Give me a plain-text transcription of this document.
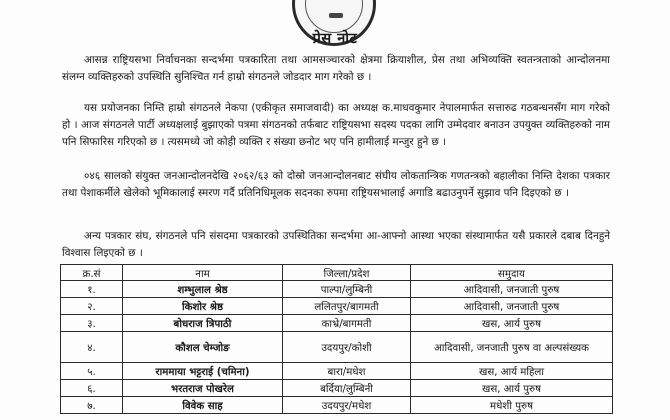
प्रेस नोट

आसन्न राष्ट्रियसभा निर्वाचनका सन्दर्भमा पत्रकारिता तथा आमसञ्चारको क्षेत्रमा क्रियाशील, प्रेस तथा अभिव्यक्ति स्वतन्त्रताको आन्दोलनमा संलग्न व्यक्तिहरुको उपस्थिति सुनिश्चित गर्न हाम्रो संगठनले जोडदार माग गरेको छ ।

यस प्रयोजनका निम्ति हाम्रो संगठनले नेकपा (एकीकृत समाजवादी) का अध्यक्ष क.माधवकुमार नेपालमार्फत सत्तारुढ गठबन्धनसँग माग गरेको हो । आज संगठनले पार्टी अध्यक्षलाई बुझाएको पत्रमा संगठनको तर्फबाट राष्ट्रियसभा सदस्य पदका लागि उम्मेदवार बनाउन उपयुक्त व्यक्तिहरुको नाम पनि सिफारिस गरिएको छ । त्यसमध्ये जो कोही व्यक्ति र संख्या छनोट भए पनि हामीलाई मन्जुर हुने छ ।

०४६ सालको संयुक्त जनआन्दोलनदेखि २०६२/६३ को दोस्रो जनआन्दोलनबाट संघीय लोकतान्त्रिक गणतन्त्रको बहालीका निम्ति देशका पत्रकार तथा पेशाकर्मीले खेलेको भूमिकालाई स्मरण गर्दै प्रतिनिधिमूलक सदनका रुपमा राष्ट्रियसभालाई अगाडि बढाउनुपर्ने सुझाव पनि दिइएको छ ।

अन्य पत्रकार संघ, संगठनले पनि संसदमा पत्रकारको उपस्थितिका सन्दर्भमा आ-आफ्नो आस्था भएका संस्थामार्फत यसै प्रकारले दबाब दिनहुने विश्वास लिइएको छ ।

क्र.सं	नाम	जिल्ला/प्रदेश	समुदाय
१.	शम्भुलाल श्रेष्ठ	पाल्पा/लुम्बिनी	आदिवासी, जनजाती पुरुष
२.	किशोर श्रेष्ठ	ललितपुर/बागमती	आदिवासी, जनजाती पुरुष
३.	बोधराज त्रिपाठी	काभ्रे/बागमती	खस, आर्य पुरुष
४.	कौशल चेम्जोङ	उदयपुर/कोशी	आदिवासी, जनजाती पुरुष वा अल्पसंख्यक
५.	राममाया भट्टराई (चमिना)	बारा/मधेश	खस, आर्य महिला
६.	भरतराज पोखरेल	बर्दिया/लुम्बिनी	खस, आर्य पुरुष
७.	विवेक साह	उदयपुर/मधेश	मधेशी पुरुष
